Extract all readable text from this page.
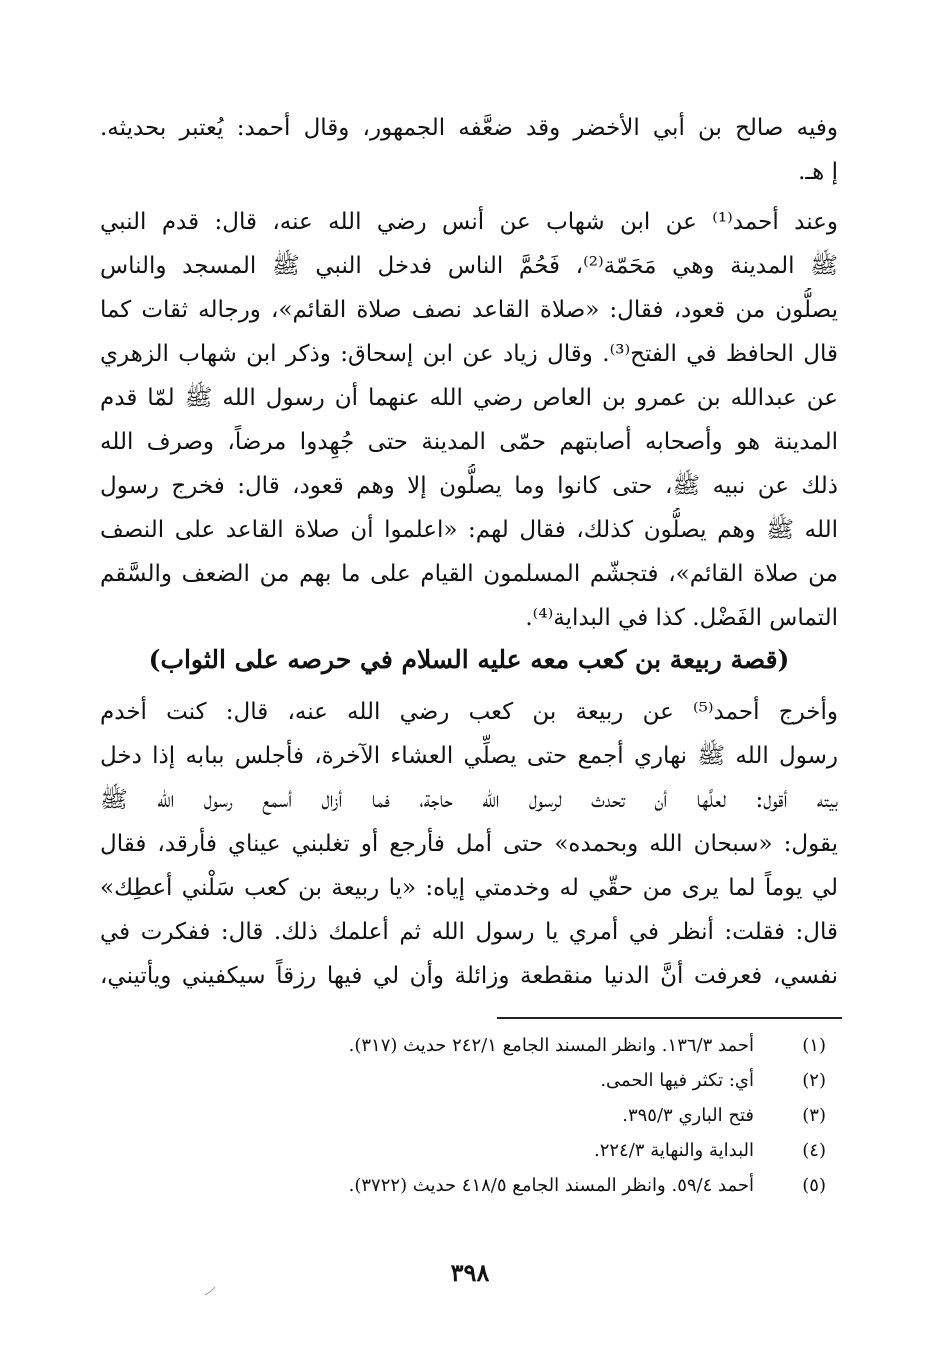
وفيه صالح بن أبي الأخضر وقد ضعَّفه الجمهور، وقال أحمد: يُعتبر بحديثه.
إ هـ.
وعند أحمد⁽¹⁾ عن ابن شهاب عن أنس رضي الله عنه، قال: قدم النبي
ﷺ المدينة وهي مَحَمّة⁽²⁾، فَحُمَّ الناس فدخل النبي ﷺ المسجد والناس
يصلُّون من قعود، فقال: «صلاة القاعد نصف صلاة القائم»، ورجاله ثقات كما
قال الحافظ في الفتح⁽³⁾. وقال زياد عن ابن إسحاق: وذكر ابن شهاب الزهري
عن عبدالله بن عمرو بن العاص رضي الله عنهما أن رسول الله ﷺ لمّا قدم
المدينة هو وأصحابه أصابتهم حمّى المدينة حتى جُهِدوا مرضاً، وصرف الله
ذلك عن نبيه ﷺ، حتى كانوا وما يصلُّون إلا وهم قعود، قال: فخرج رسول
الله ﷺ وهم يصلُّون كذلك، فقال لهم: «اعلموا أن صلاة القاعد على النصف
من صلاة القائم»، فتجشّم المسلمون القيام على ما بهم من الضعف والسَّقم
التماس الفَضْل. كذا في البداية⁽⁴⁾.
(قصة ربيعة بن كعب معه عليه السلام في حرصه على الثواب)
وأخرج أحمد⁽⁵⁾ عن ربيعة بن كعب رضي الله عنه، قال: كنت أخدم
رسول الله ﷺ نهاري أجمع حتى يصلِّي العشاء الآخرة، فأجلس ببابه إذا دخل
بيته أقول: لعلَّها أن تحدث لرسول الله حاجة، فما أزال أسمع رسول الله ﷺ
يقول: «سبحان الله وبحمده» حتى أمل فأرجع أو تغلبني عيناي فأرقد، فقال
لي يوماً لما يرى من حقّي له وخدمتي إياه: «يا ربيعة بن كعب سَلْني أعطِك»
قال: فقلت: أنظر في أمري يا رسول الله ثم أعلمك ذلك. قال: ففكرت في
نفسي، فعرفت أنَّ الدنيا منقطعة وزائلة وأن لي فيها رزقاً سيكفيني ويأتيني،
(١)
أحمد ١٣٦/٣. وانظر المسند الجامع ٢٤٢/١ حديث (٣١٧).
(٢)
أي: تكثر فيها الحمى.
(٣)
فتح الباري ٣٩٥/٣.
(٤)
البداية والنهاية ٢٢٤/٣.
(٥)
أحمد ٥٩/٤. وانظر المسند الجامع ٤١٨/٥ حديث (٣٧٢٢).
٣٩٨
